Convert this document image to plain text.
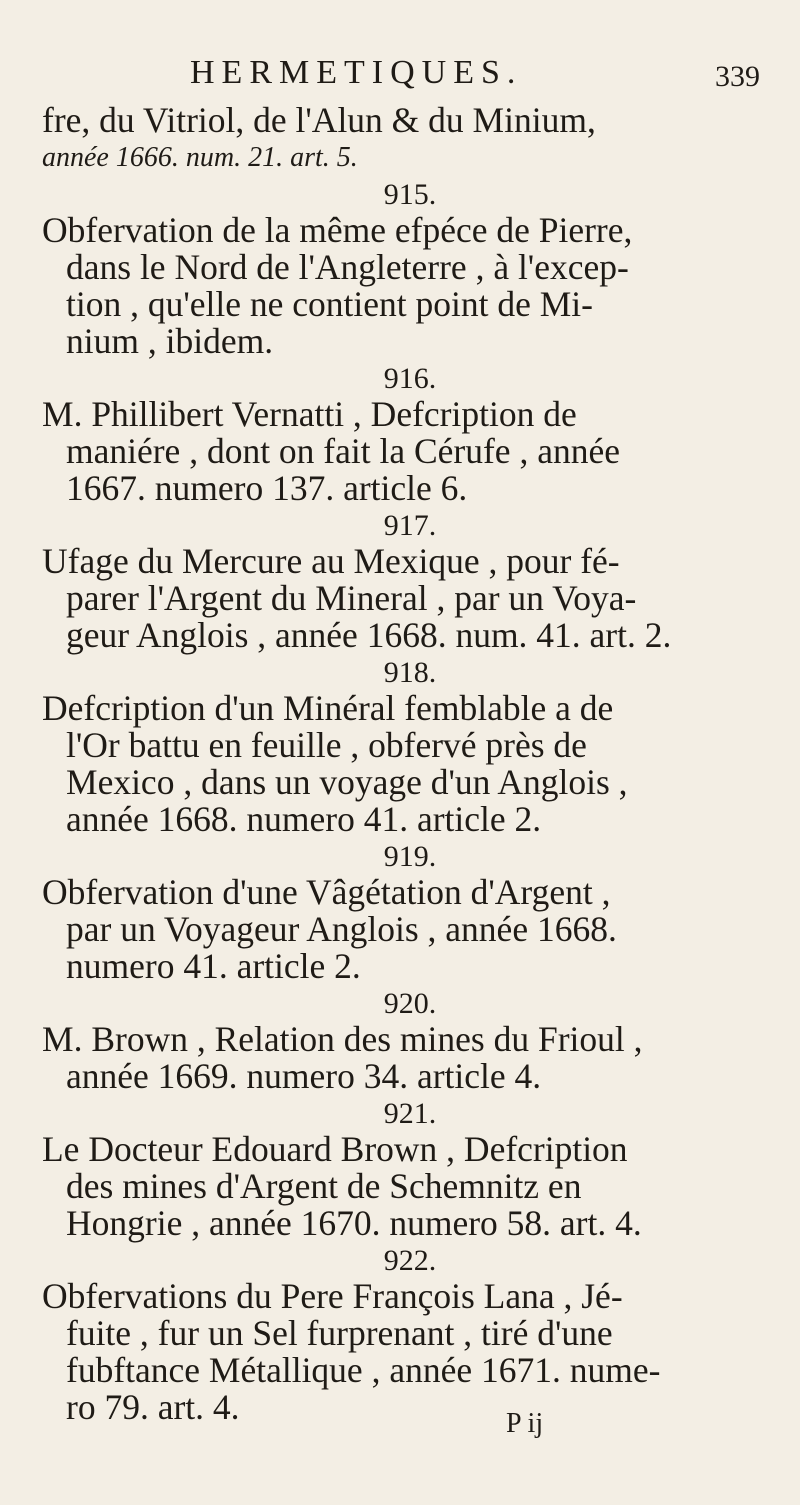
HERMETIQUES.	339
fre, du Vitriol, de l'Alun & du Minium,
année 1666. num. 21. art. 5.
915.
Obfervation de la même efpéce de Pierre,
dans le Nord de l'Angleterre , à l'excep-
tion , qu'elle ne contient point de Mi-
nium , ibidem.
916.
M. Phillibert Vernatti , Defcription de
maniére , dont on fait la Cérufe , année
1667. numero 137. article 6.
917.
Ufage du Mercure au Mexique , pour fé-
parer l'Argent du Mineral , par un Voya-
geur Anglois , année 1668. num. 41. art. 2.
918.
Defcription d'un Minéral femblable a de
l'Or battu en feuille , obfervé près de
Mexico , dans un voyage d'un Anglois ,
année 1668. numero 41. article 2.
919.
Obfervation d'une Vâgétation d'Argent ,
par un Voyageur Anglois , année 1668.
numero 41. article 2.
920.
M. Brown , Relation des mines du Frioul ,
année 1669. numero 34. article 4.
921.
Le Docteur Edouard Brown , Defcription
des mines d'Argent de Schemnitz en
Hongrie , année 1670. numero 58. art. 4.
922.
Obfervations du Pere François Lana , Jé-
fuite , fur un Sel furprenant , tiré d'une
fubftance Métallique , année 1671. nume-
ro 79. art. 4.	P ij
